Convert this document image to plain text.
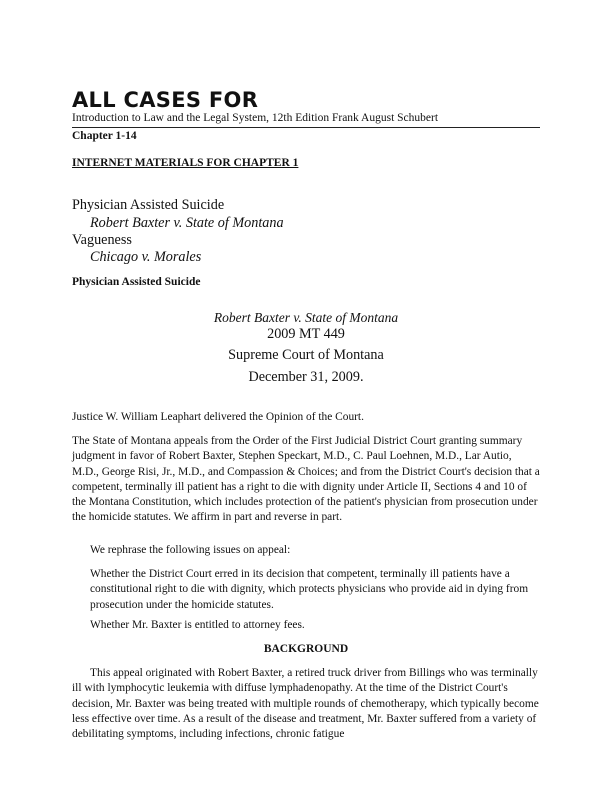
ALL CASES FOR
Introduction to Law and the Legal System, 12th Edition Frank August Schubert
Chapter 1-14
INTERNET MATERIALS FOR CHAPTER 1
Physician Assisted Suicide
Robert Baxter v. State of Montana
Vagueness
Chicago v. Morales
Physician Assisted Suicide
Robert Baxter v. State of Montana
2009 MT 449
Supreme Court of Montana
December 31, 2009.
Justice W. William Leaphart delivered the Opinion of the Court.
The State of Montana appeals from the Order of the First Judicial District Court granting summary judgment in favor of Robert Baxter, Stephen Speckart, M.D., C. Paul Loehnen, M.D., Lar Autio, M.D., George Risi, Jr., M.D., and Compassion & Choices; and from the District Court's decision that a competent, terminally ill patient has a right to die with dignity under Article II, Sections 4 and 10 of the Montana Constitution, which includes protection of the patient's physician from prosecution under the homicide statutes. We affirm in part and reverse in part.
We rephrase the following issues on appeal:
Whether the District Court erred in its decision that competent, terminally ill patients have a constitutional right to die with dignity, which protects physicians who provide aid in dying from prosecution under the homicide statutes.
Whether Mr. Baxter is entitled to attorney fees.
BACKGROUND
This appeal originated with Robert Baxter, a retired truck driver from Billings who was terminally ill with lymphocytic leukemia with diffuse lymphadenopathy. At the time of the District Court's decision, Mr. Baxter was being treated with multiple rounds of chemotherapy, which typically become less effective over time. As a result of the disease and treatment, Mr. Baxter suffered from a variety of debilitating symptoms, including infections, chronic fatigue
